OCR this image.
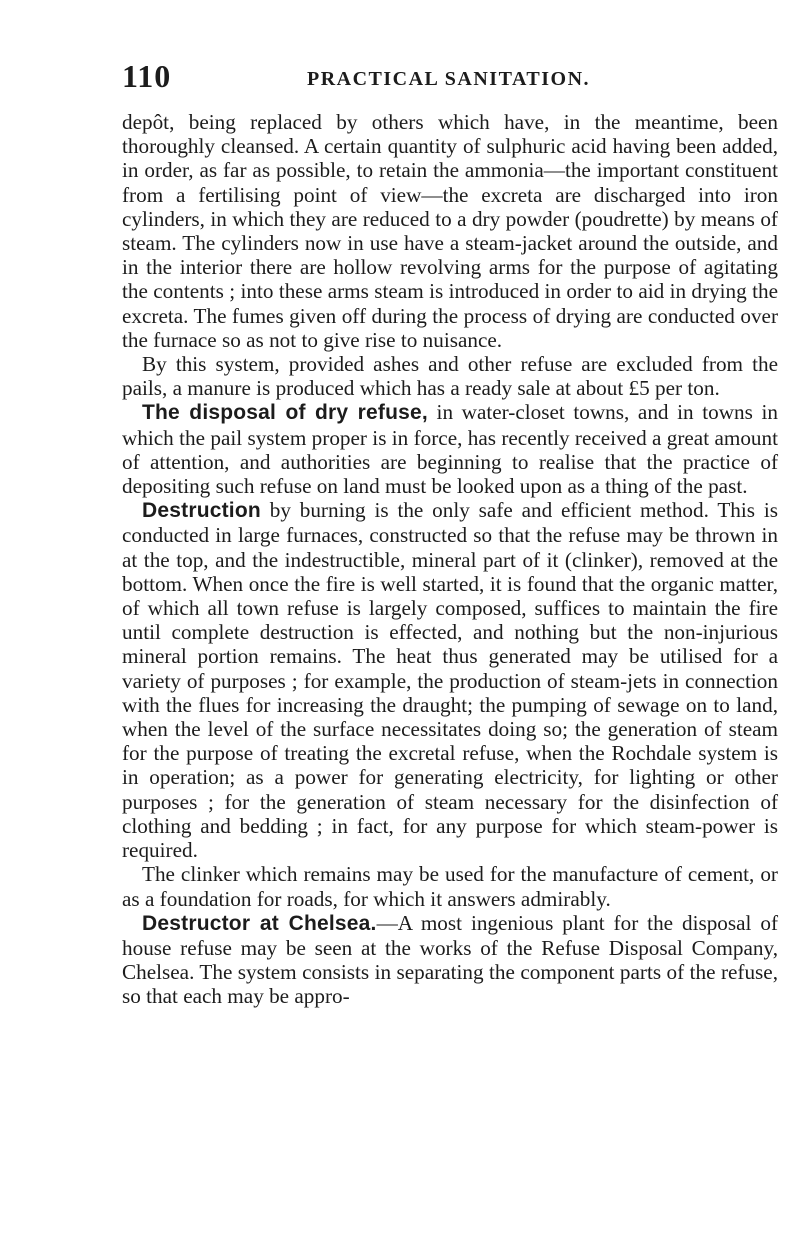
110	PRACTICAL SANITATION.

depôt, being replaced by others which have, in the meantime, been thoroughly cleansed. A certain quantity of sulphuric acid having been added, in order, as far as possible, to retain the ammonia—the important constituent from a fertilising point of view—the excreta are discharged into iron cylinders, in which they are reduced to a dry powder (poudrette) by means of steam. The cylinders now in use have a steam-jacket around the outside, and in the interior there are hollow revolving arms for the purpose of agitating the contents ; into these arms steam is introduced in order to aid in drying the excreta. The fumes given off during the process of drying are conducted over the furnace so as not to give rise to nuisance.

By this system, provided ashes and other refuse are excluded from the pails, a manure is produced which has a ready sale at about £5 per ton.

The disposal of dry refuse, in water-closet towns, and in towns in which the pail system proper is in force, has recently received a great amount of attention, and authorities are beginning to realise that the practice of depositing such refuse on land must be looked upon as a thing of the past.

Destruction by burning is the only safe and efficient method. This is conducted in large furnaces, constructed so that the refuse may be thrown in at the top, and the indestructible, mineral part of it (clinker), removed at the bottom. When once the fire is well started, it is found that the organic matter, of which all town refuse is largely composed, suffices to maintain the fire until complete destruction is effected, and nothing but the non-injurious mineral portion remains. The heat thus generated may be utilised for a variety of purposes ; for example, the production of steam-jets in connection with the flues for increasing the draught; the pumping of sewage on to land, when the level of the surface necessitates doing so; the generation of steam for the purpose of treating the excretal refuse, when the Rochdale system is in operation; as a power for generating electricity, for lighting or other purposes ; for the generation of steam necessary for the disinfection of clothing and bedding ; in fact, for any purpose for which steam-power is required.

The clinker which remains may be used for the manufacture of cement, or as a foundation for roads, for which it answers admirably.

Destructor at Chelsea.—A most ingenious plant for the disposal of house refuse may be seen at the works of the Refuse Disposal Company, Chelsea. The system consists in separating the component parts of the refuse, so that each may be appro-
